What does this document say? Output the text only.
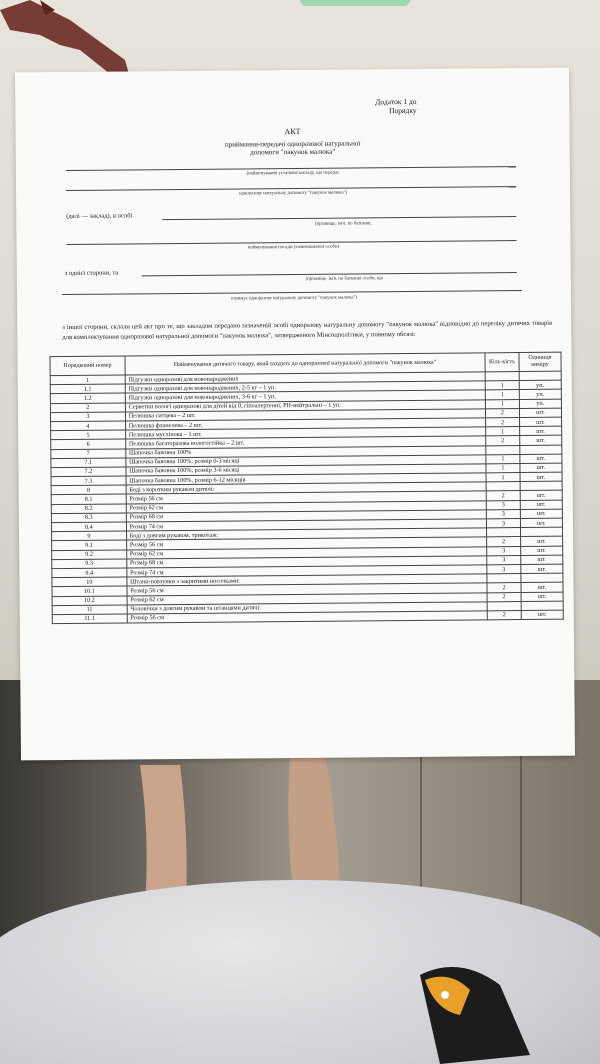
Додаток 1 до
Порядку
АКТ
приймання-передачі одноразової натуральної
допомоги "пакунок малюка"
(найменування установи/закладу, що передає
одноразову натуральну допомогу "пакунок малюка")
(далі — заклад), в особі
(прізвище, ім'я, по батькові,
найменування посади уповноваженої особи)
з однієї сторони, та
(прізвище, ім'я, по батькові особи, що
отримує одноразову натуральну допомогу "пакунок малюка")
з іншої сторони, склали цей акт про те, що закладом передано зазначеній особі одноразову натуральну допомогу "пакунок малюка" відповідно до переліку дитячих товарів для комплектування одноразової натуральної допомоги "пакунок малюка", затвердженого Мінсоцполітики, у повному обсязі:
Порядковий номер	Найменування дитячого товару, який входить до одноразової натуральної допомоги "пакунок малюка"	Кіль-кість	Одиниця виміру
1	Підгузки одноразові для новонароджених		
1.1	Підгузки одноразові для новонароджених, 2-5 кг – 1 уп.	1	уп.
1.2	Підгузки одноразові для новонароджених, 3-6 кг – 1 уп.	1	уп.
2	Серветки вологі одноразові для дітей від 0, гіпоалергенні, РН-нейтральні – 1 уп.	1	уп.
3	Пелюшка ситцева – 2 шт.	2	шт.
4	Пелюшка фланелева – 2 шт.	2	шт.
5	Пелюшка муслінова – 1 шт.	1	шт.
6	Пелюшка багаторазова вологостійка – 2 шт.	2	шт.
7	Шапочка бавовна 100%		
7.1	Шапочка бавовна 100%, розмір 0-3 місяці	1	шт.
7.2	Шапочка бавовна 100%, розмір 3-6 місяці	1	шт.
7.3	Шапочка бавовна 100%, розмір 6-12 місяців	1	шт.
8	Боді з коротким рукавом дитячі:		
8.1	Розмір 56 см	2	шт.
8.2	Розмір 62 см	3	шт.
8.3	Розмір 68 см	3	шт.
8.4	Розмір 74 см	3	шт.
9	Боді з довгим рукавом, трикотаж:		
9.1	Розмір 56 см	2	шт.
9.2	Розмір 62 см	3	шт.
9.3	Розмір 68 см	3	шт.
9.4	Розмір 74 см	3	шт.
10	Штани-повзунки з закритими носочками:		
10.1	Розмір 56 см	2	шт.
10.2	Розмір 62 см	2	шт.
11	Чоловічки з довгим рукавом та штанцями дитячі:		
11.1	Розмір 56 см	2	шт.
